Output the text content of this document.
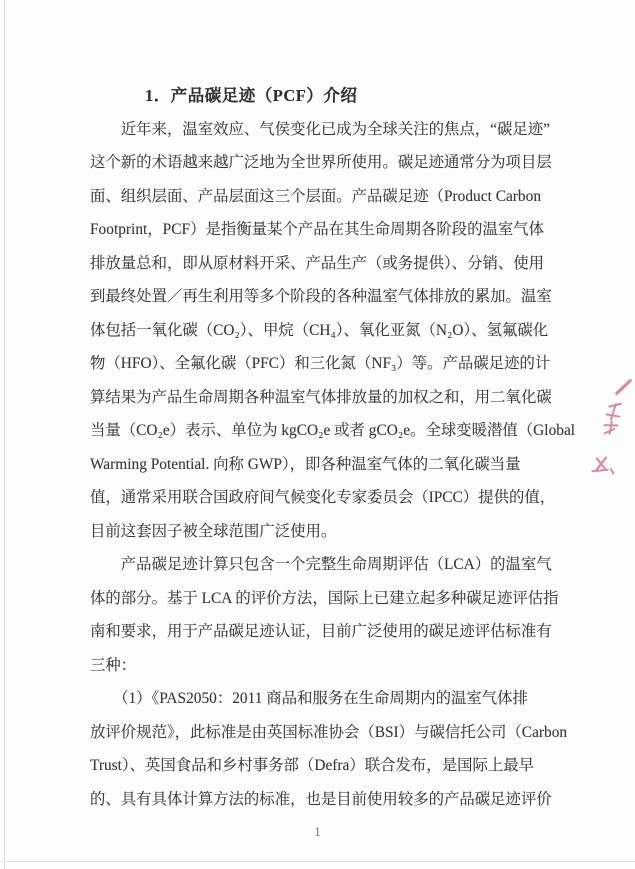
1．产品碳足迹（PCF）介绍
　　近年来，温室效应、气侯变化已成为全球关注的焦点，“碳足迹”
这个新的术语越来越广泛地为全世界所使用。碳足迹通常分为项目层
面、组织层面、产品层面这三个层面。产品碳足迹（Product Carbon
Footprint，PCF）是指衡量某个产品在其生命周期各阶段的温室气体
排放量总和，即从原材料开采、产品生产（或务提供）、分销、使用
到最终处置／再生利用等多个阶段的各种温室气体排放的累加。温室
体包括一氧化碳（CO₂）、甲烷（CH₄）、氧化亚氮（N₂O）、氢氟碳化
物（HFO）、全氟化碳（PFC）和三化氮（NF₃）等。产品碳足迹的计
算结果为产品生命周期各种温室气体排放量的加权之和，用二氧化碳
当量（CO₂e）表示、单位为 kgCO₂e 或者 gCO₂e。全球变暖潜值（Global
Warming Potential. 向称 GWP），即各种温室气体的二氧化碳当量
值，通常采用联合国政府间气候变化专家委员会（IPCC）提供的值，
目前这套因子被全球范围广泛使用。
　　产品碳足迹计算只包含一个完整生命周期评估（LCA）的温室气
体的部分。基于 LCA 的评价方法，国际上已建立起多种碳足迹评估指
南和要求，用于产品碳足迹认证，目前广泛使用的碳足迹评估标准有
三种：
　　（1）《PAS2050：2011 商品和服务在生命周期内的温室气体排
放评价规范》，此标准是由英国标准协会（BSI）与碳信托公司（Carbon
Trust）、英国食品和乡村事务部（Defra）联合发布，是国际上最早
的、具有具体计算方法的标准，也是目前使用较多的产品碳足迹评价
1
